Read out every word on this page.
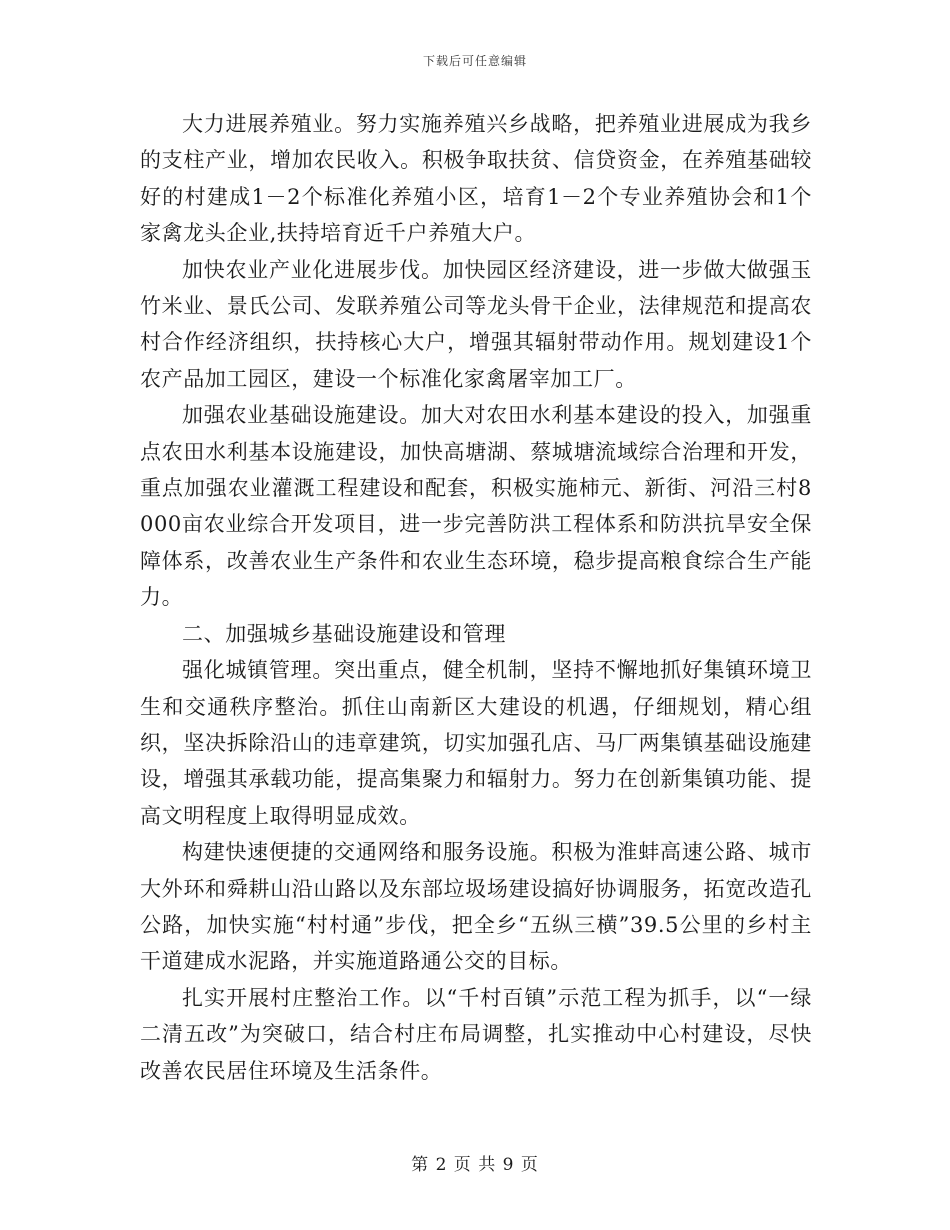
下载后可任意编辑

大力进展养殖业。努力实施养殖兴乡战略，把养殖业进展成为我乡的支柱产业，增加农民收入。积极争取扶贫、信贷资金，在养殖基础较好的村建成1－2个标准化养殖小区，培育1－2个专业养殖协会和1个家禽龙头企业,扶持培育近千户养殖大户。

加快农业产业化进展步伐。加快园区经济建设，进一步做大做强玉竹米业、景氏公司、发联养殖公司等龙头骨干企业，法律规范和提高农村合作经济组织，扶持核心大户，增强其辐射带动作用。规划建设1个农产品加工园区，建设一个标准化家禽屠宰加工厂。

加强农业基础设施建设。加大对农田水利基本建设的投入，加强重点农田水利基本设施建设，加快高塘湖、蔡城塘流域综合治理和开发，重点加强农业灌溉工程建设和配套，积极实施柿元、新街、河沿三村8000亩农业综合开发项目，进一步完善防洪工程体系和防洪抗旱安全保障体系，改善农业生产条件和农业生态环境，稳步提高粮食综合生产能力。

二、加强城乡基础设施建设和管理

强化城镇管理。突出重点，健全机制，坚持不懈地抓好集镇环境卫生和交通秩序整治。抓住山南新区大建设的机遇，仔细规划，精心组织，坚决拆除沿山的违章建筑，切实加强孔店、马厂两集镇基础设施建设，增强其承载功能，提高集聚力和辐射力。努力在创新集镇功能、提高文明程度上取得明显成效。

构建快速便捷的交通网络和服务设施。积极为淮蚌高速公路、城市大外环和舜耕山沿山路以及东部垃圾场建设搞好协调服务，拓宽改造孔公路，加快实施“村村通”步伐，把全乡“五纵三横”39.5公里的乡村主干道建成水泥路，并实施道路通公交的目标。

扎实开展村庄整治工作。以“千村百镇”示范工程为抓手，以“一绿二清五改”为突破口，结合村庄布局调整，扎实推动中心村建设，尽快改善农民居住环境及生活条件。

第 2 页 共 9 页
